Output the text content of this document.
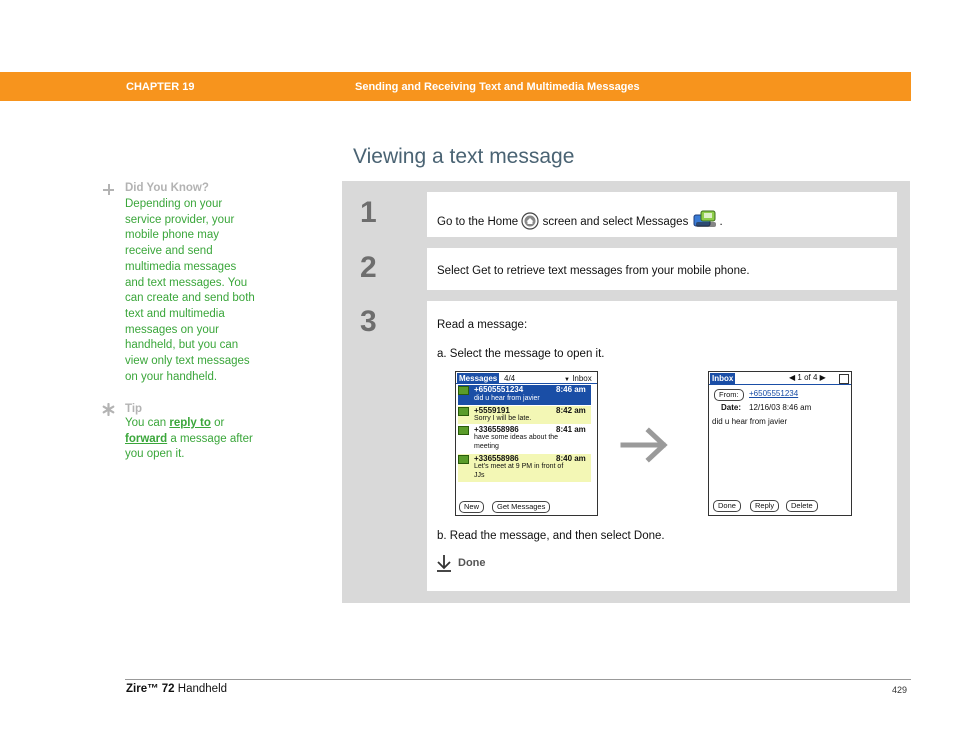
CHAPTER 19	Sending and Receiving Text and Multimedia Messages
Viewing a text message
Did You Know?
Depending on your
service provider, your
mobile phone may
receive and send
multimedia messages
and text messages. You
can create and send both
text and multimedia
messages on your
handheld, but you can
view only text messages
on your handheld.
Tip
You can reply to or
forward a message after
you open it.
1	Go to the Home  screen and select Messages .
2	Select Get to retrieve text messages from your mobile phone.
3	Read a message:
a. Select the message to open it.
Messages 4/4	▼ Inbox
+6505551234	8:46 am
did u hear from javier
+5559191	8:42 am
Sorry I will be late.
+336558986	8:41 am
have some ideas about the
meeting
+336558986	8:40 am
Let's meet at 9 PM in front of
JJs
New	Get Messages
Inbox	◀ 1 of 4 ▶
From:	+6505551234
Date: 12/16/03 8:46 am
did u hear from javier
Done	Reply	Delete
b. Read the message, and then select Done.
Done
Zire™ 72 Handheld	429
